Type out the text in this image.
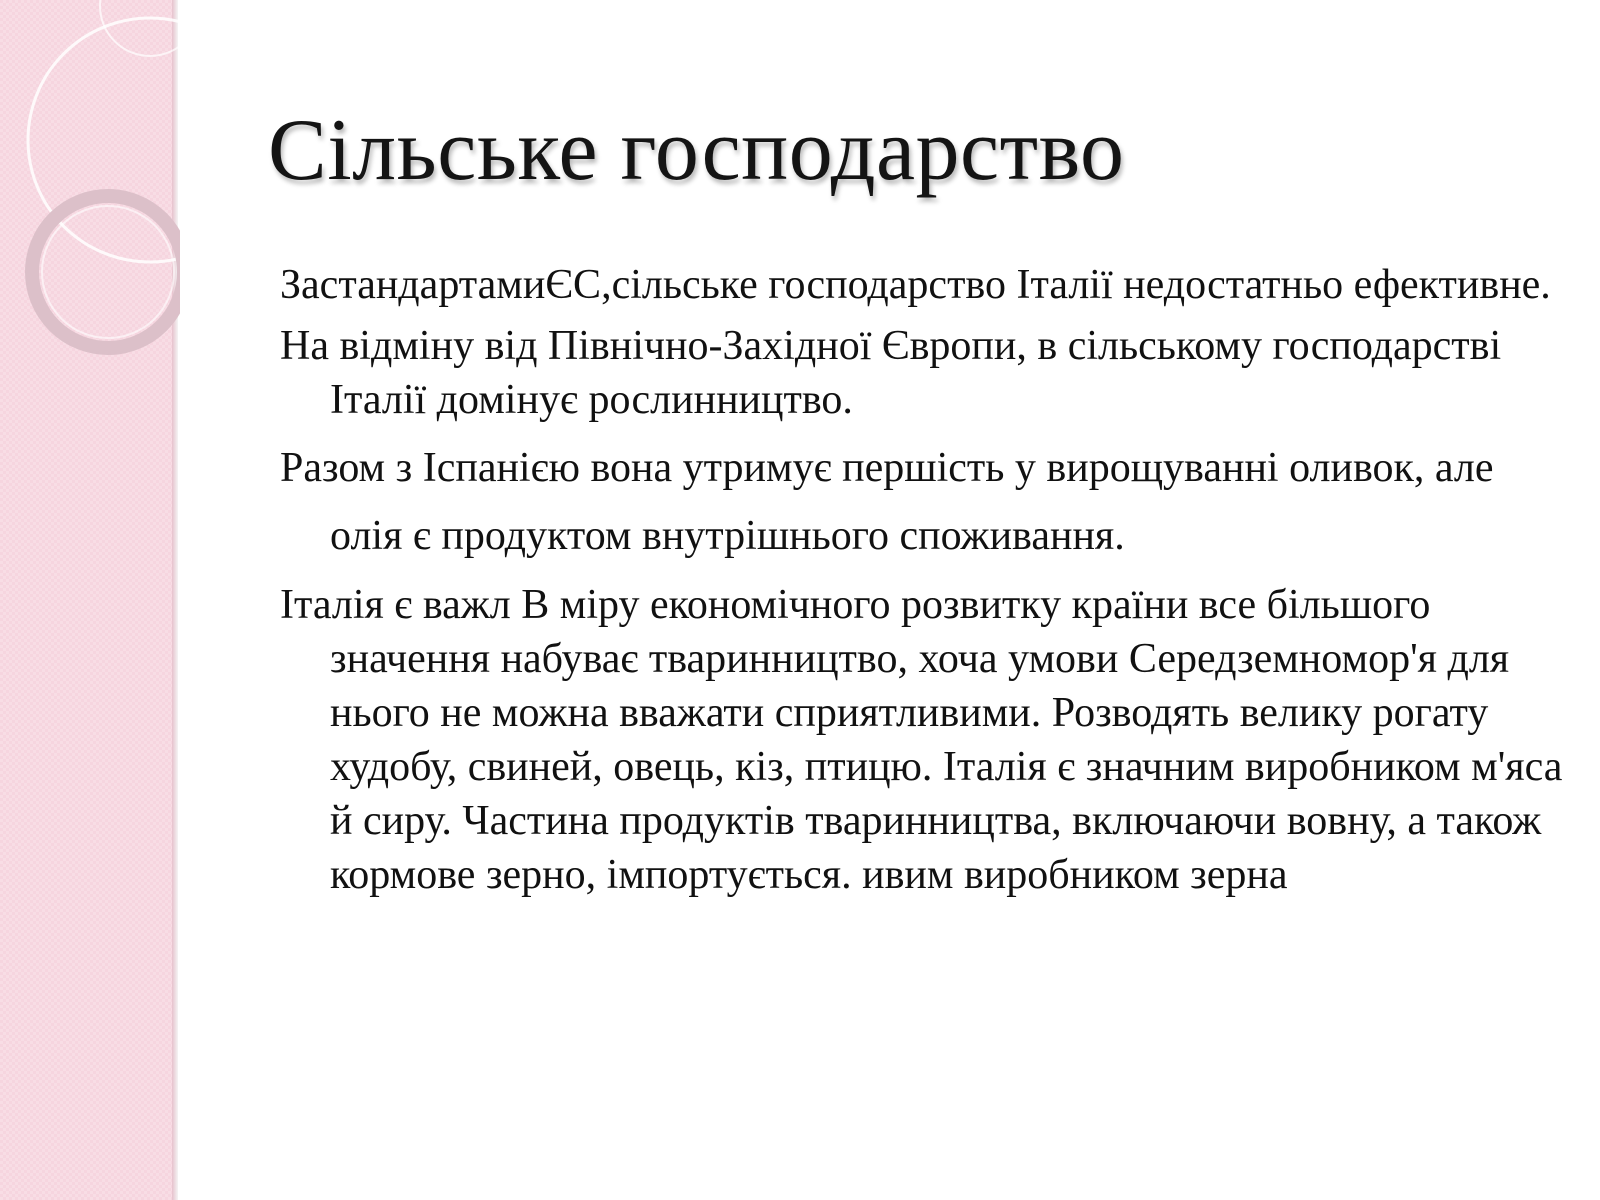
Сільське господарство
ЗастандартамиЄС,сільське господарство Італії недостатньо ефективне.
На відміну від Північно-Західної Європи, в сільському господарстві Італії домінує рослинництво.
Разом з Іспанією вона утримує першість у вирощуванні оливок, але олія є продуктом внутрішнього споживання.
Італія є важл В міру економічного розвитку країни все більшого значення набуває тваринництво, хоча умови Середземномор'я для нього не можна вважати сприятливими. Розводять велику рогату худобу, свиней, овець, кіз, птицю. Італія є значним виробником м'яса й сиру. Частина продуктів тваринництва, включаючи вовну, а також кормове зерно, імпортується. ивим виробником зерна
